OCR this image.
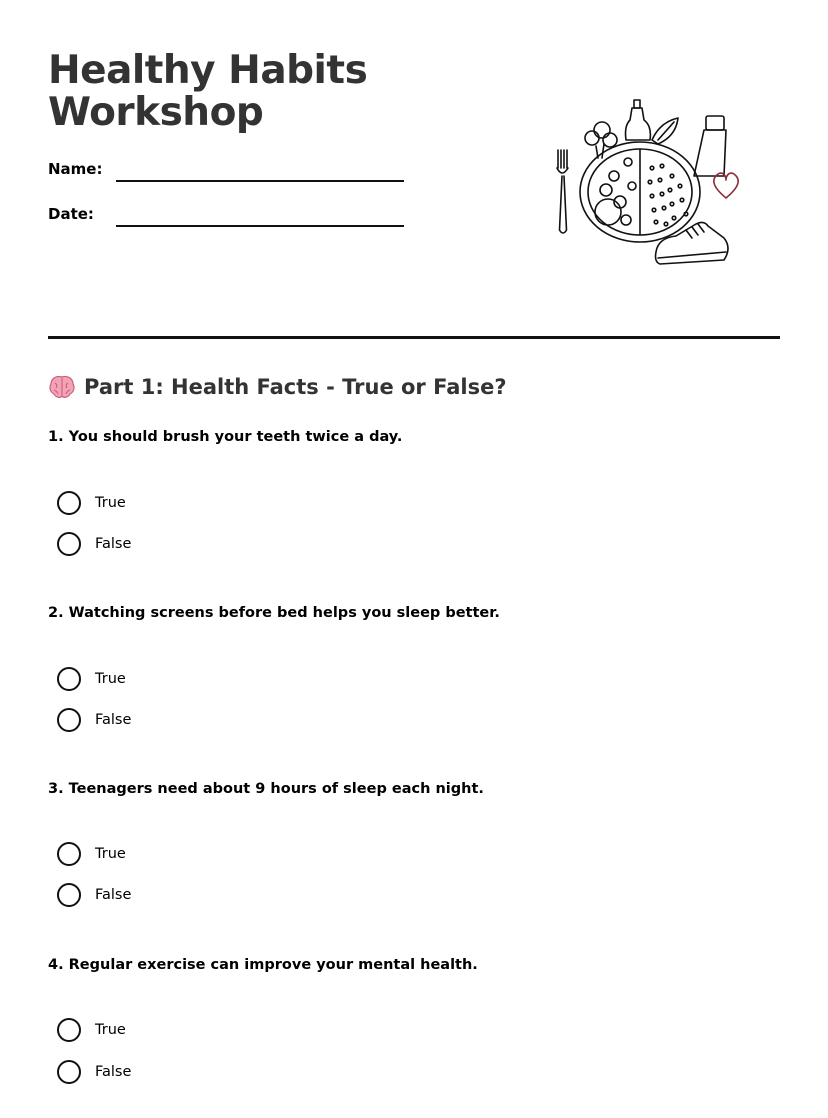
Healthy Habits
Workshop
Name:
Date:
Part 1: Health Facts - True or False?
1. You should brush your teeth twice a day.
True
False
2. Watching screens before bed helps you sleep better.
True
False
3. Teenagers need about 9 hours of sleep each night.
True
False
4. Regular exercise can improve your mental health.
True
False
